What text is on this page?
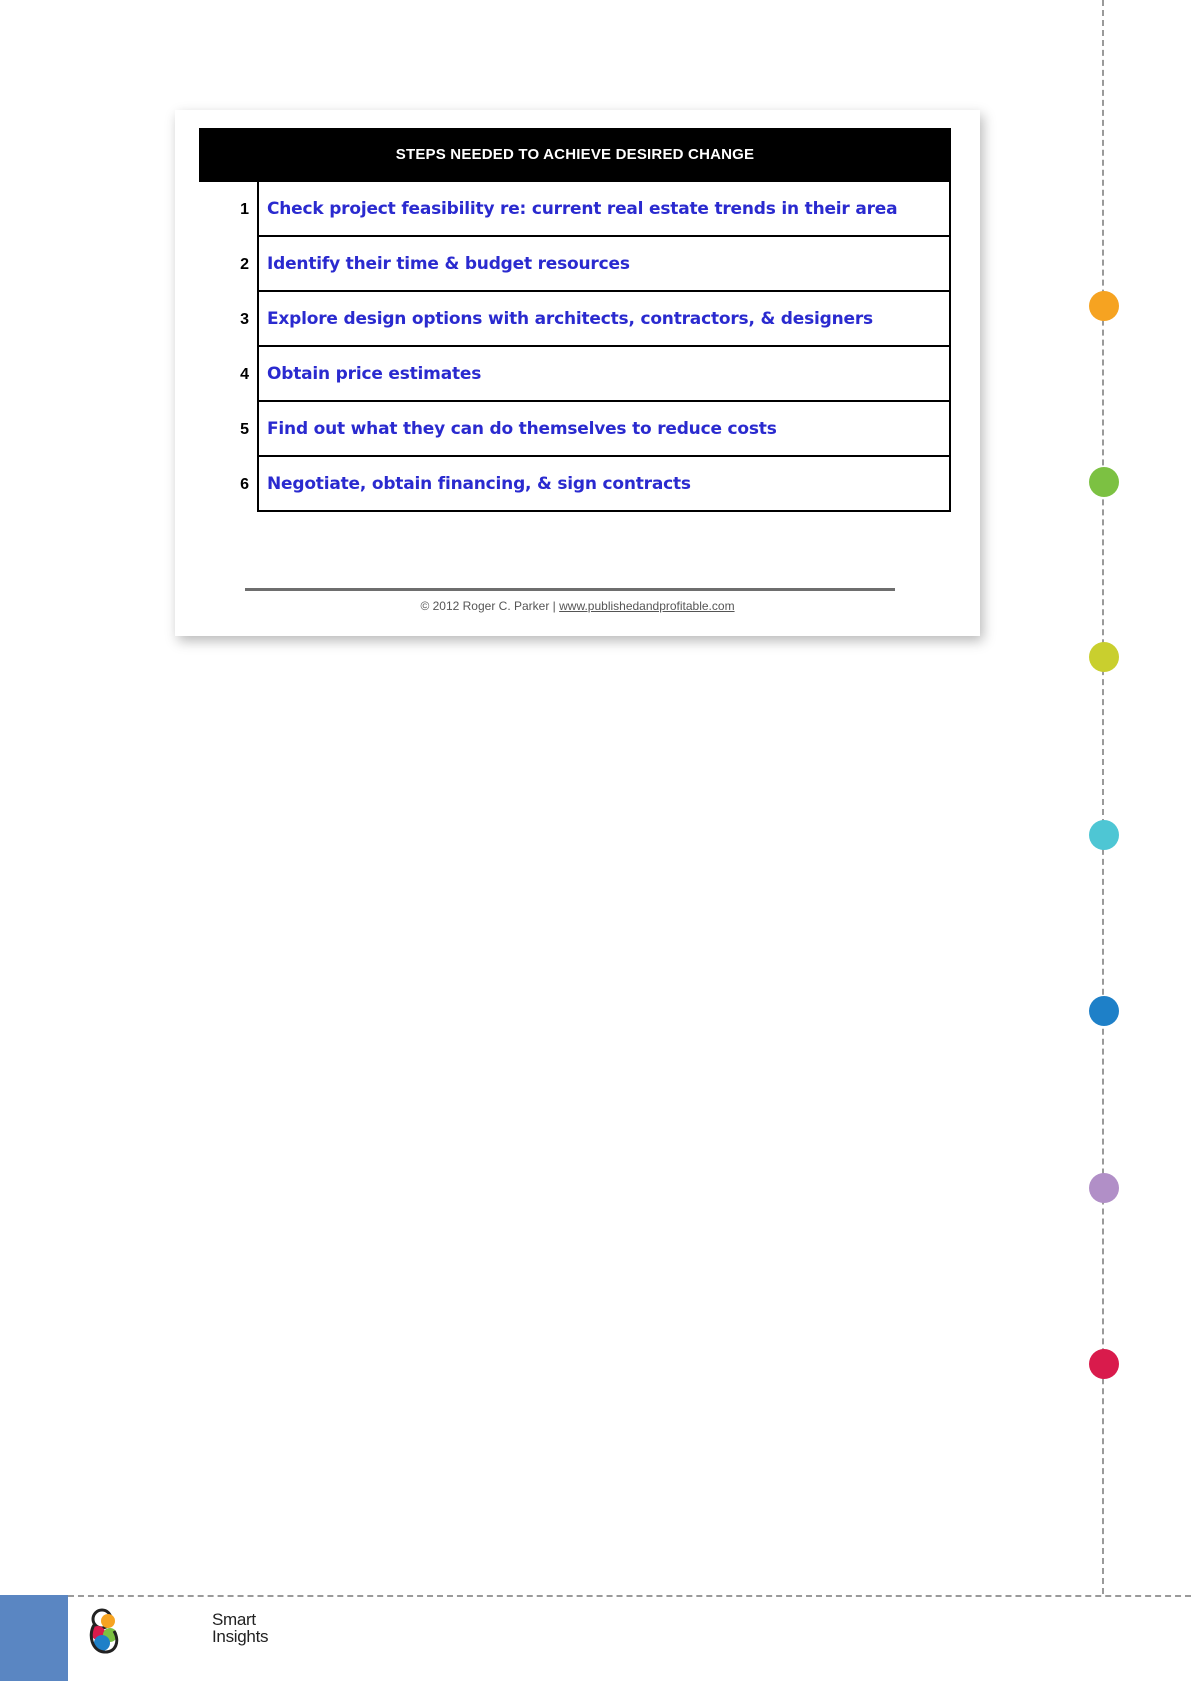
STEPS NEEDED TO ACHIEVE DESIRED CHANGE
1	Check project feasibility re: current real estate trends in their area
2	Identify their time & budget resources
3	Explore design options with architects, contractors, & designers
4	Obtain price estimates
5	Find out what they can do themselves to reduce costs
6	Negotiate, obtain financing, & sign contracts
© 2012 Roger C. Parker | www.publishedandprofitable.com
Smart
Insights
